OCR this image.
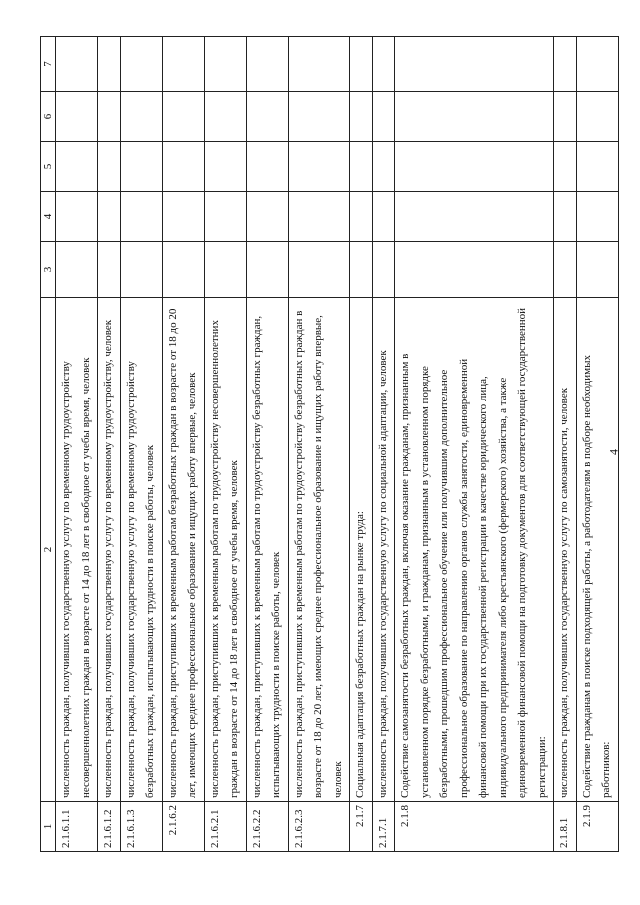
4
1	2	3	4	5	6	7
2.1.6.1.1	численность граждан, получивших государственную услугу по временному трудоустройству несовершеннолетних граждан в возрасте от 14 до 18 лет в свободное от учебы время, человек					
2.1.6.1.2	численность граждан, получивших государственную услугу по временному трудоустройству, человек					
2.1.6.1.3	численность граждан, получивших государственную услугу по временному трудоустройству безработных граждан, испытывающих трудности в поиске работы, человек					
2.1.6.2	численность граждан, приступивших к временным работам безработных граждан в возрасте от 18 до 20 лет, имеющих среднее профессиональное образование и ищущих работу впервые, человек					
2.1.6.2.1	численность граждан, приступивших к временным работам по трудоустройству несовершеннолетних граждан в возрасте от 14 до 18 лет в свободное от учебы время, человек					
2.1.6.2.2	численность граждан, приступивших к временным работам по трудоустройству безработных граждан, испытывающих трудности в поиске работы, человек					
2.1.6.2.3	численность граждан, приступивших к временным работам по трудоустройству безработных граждан в возрасте от 18 до 20 лет, имеющих среднее профессиональное образование и ищущих работу впервые, человек					
2.1.7	Социальная адаптация безработных граждан на рынке труда:					
2.1.7.1	численность граждан, получивших государственную услугу по социальной адаптации, человек					
2.1.8	Содействие самозанятости безработных граждан, включая оказание гражданам, признанным в установленном порядке безработными, и гражданам, признанным в установленном порядке безработными, прошедшим профессиональное обучение или получившим дополнительное профессиональное образование по направлению органов службы занятости, единовременной финансовой помощи при их государственной регистрации в качестве юридического лица, индивидуального предпринимателя либо крестьянского (фермерского) хозяйства, а также единовременной финансовой помощи на подготовку документов для соответствующей государственной регистрации:					
2.1.8.1	численность граждан, получивших государственную услугу по самозанятости, человек					
2.1.9	Содействие гражданам в поиске подходящей работы, а работодателям в подборе необходимых работников:					
